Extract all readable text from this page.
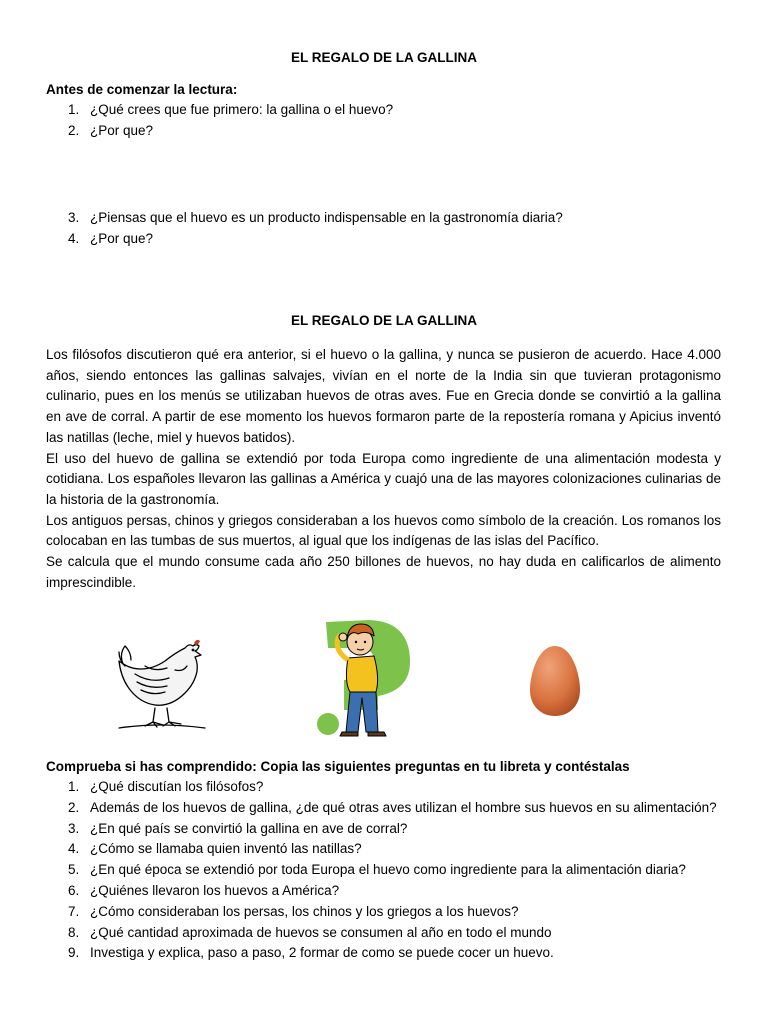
EL REGALO DE LA GALLINA
Antes de comenzar la lectura:
1. ¿Qué crees que fue primero: la gallina o el huevo?
2. ¿Por que?
3. ¿Piensas que el huevo es un producto indispensable en la gastronomía diaria?
4. ¿Por que?
EL REGALO DE LA GALLINA

Los filósofos discutieron qué era anterior, si el huevo o la gallina, y nunca se pusieron de acuerdo. Hace 4.000 años, siendo entonces las gallinas salvajes, vivían en el norte de la India sin que tuvieran protagonismo culinario, pues en los menús se utilizaban huevos de otras aves. Fue en Grecia donde se convirtió a la gallina en ave de corral. A partir de ese momento los huevos formaron parte de la repostería romana y Apicius inventó las natillas (leche, miel y huevos batidos).

El uso del huevo de gallina se extendió por toda Europa como ingrediente de una alimentación modesta y cotidiana. Los españoles llevaron las gallinas a América y cuajó una de las mayores colonizaciones culinarias de la historia de la gastronomía.

Los antiguos persas, chinos y griegos consideraban a los huevos como símbolo de la creación. Los romanos los colocaban en las tumbas de sus muertos, al igual que los indígenas de las islas del Pacífico.

Se calcula que el mundo consume cada año 250 billones de huevos, no hay duda en calificarlos de alimento imprescindible.

Comprueba si has comprendido: Copia las siguientes preguntas en tu libreta y contéstalas
1. ¿Qué discutían los filósofos?
2. Además de los huevos de gallina, ¿de qué otras aves utilizan el hombre sus huevos en su alimentación?
3. ¿En qué país se convirtió la gallina en ave de corral?
4. ¿Cómo se llamaba quien inventó las natillas?
5. ¿En qué época se extendió por toda Europa el huevo como ingrediente para la alimentación diaria?
6. ¿Quiénes llevaron los huevos a América?
7. ¿Cómo consideraban los persas, los chinos y los griegos a los huevos?
8. ¿Qué cantidad aproximada de huevos se consumen al año en todo el mundo
9. Investiga y explica, paso a paso, 2 formar de como se puede cocer un huevo.
